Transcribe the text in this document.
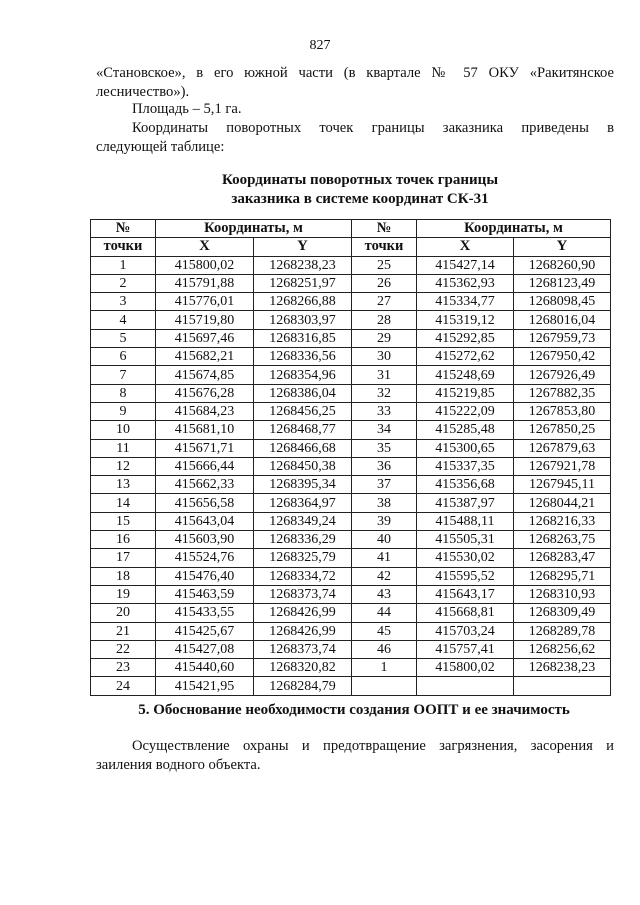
827
«Становское», в его южной части (в квартале № 57 ОКУ «Ракитянское
лесничество»).
Площадь – 5,1 га.
Координаты поворотных точек границы заказника приведены в
следующей таблице:
Координаты поворотных точек границы
заказника в системе координат СК-31
№	Координаты, м		№	Координаты, м	
точки	X	Y	точки	X	Y
1	415800,02	1268238,23	25	415427,14	1268260,90
2	415791,88	1268251,97	26	415362,93	1268123,49
3	415776,01	1268266,88	27	415334,77	1268098,45
4	415719,80	1268303,97	28	415319,12	1268016,04
5	415697,46	1268316,85	29	415292,85	1267959,73
6	415682,21	1268336,56	30	415272,62	1267950,42
7	415674,85	1268354,96	31	415248,69	1267926,49
8	415676,28	1268386,04	32	415219,85	1267882,35
9	415684,23	1268456,25	33	415222,09	1267853,80
10	415681,10	1268468,77	34	415285,48	1267850,25
11	415671,71	1268466,68	35	415300,65	1267879,63
12	415666,44	1268450,38	36	415337,35	1267921,78
13	415662,33	1268395,34	37	415356,68	1267945,11
14	415656,58	1268364,97	38	415387,97	1268044,21
15	415643,04	1268349,24	39	415488,11	1268216,33
16	415603,90	1268336,29	40	415505,31	1268263,75
17	415524,76	1268325,79	41	415530,02	1268283,47
18	415476,40	1268334,72	42	415595,52	1268295,71
19	415463,59	1268373,74	43	415643,17	1268310,93
20	415433,55	1268426,99	44	415668,81	1268309,49
21	415425,67	1268426,99	45	415703,24	1268289,78
22	415427,08	1268373,74	46	415757,41	1268256,62
23	415440,60	1268320,82	1	415800,02	1268238,23
24	415421,95	1268284,79			
5. Обоснование необходимости создания ООПТ и ее значимость
Осуществление охраны и предотвращение загрязнения, засорения и
заиления водного объекта.
